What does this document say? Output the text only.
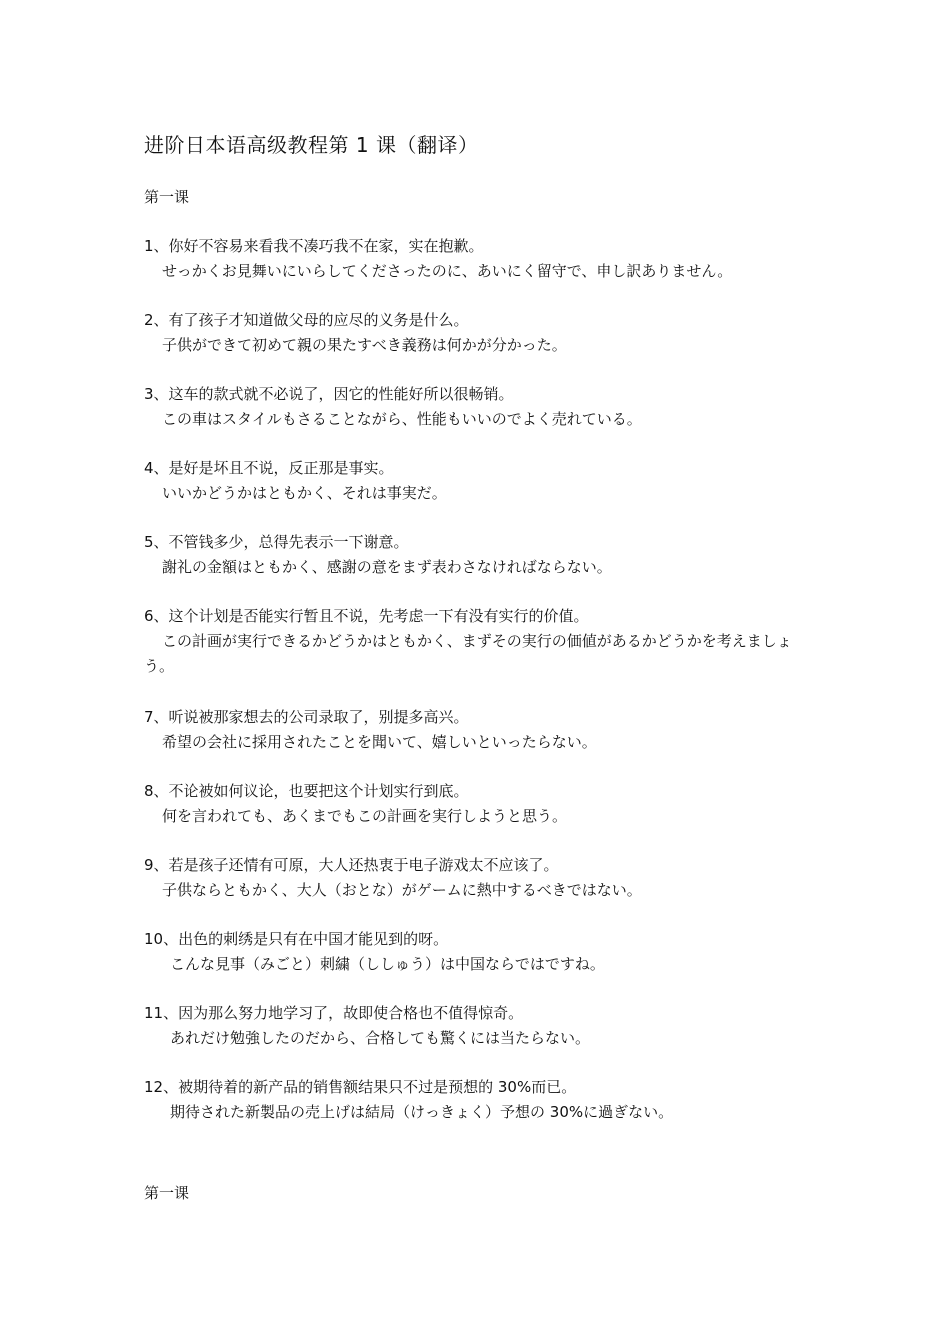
进阶日本语高级教程第 1 课（翻译）
第一课
1、你好不容易来看我不凑巧我不在家，实在抱歉。
せっかくお見舞いにいらしてくださったのに、あいにく留守で、申し訳ありません。
2、有了孩子才知道做父母的应尽的义务是什么。
子供ができて初めて親の果たすべき義務は何かが分かった。
3、这车的款式就不必说了，因它的性能好所以很畅销。
この車はスタイルもさることながら、性能もいいのでよく売れている。
4、是好是坏且不说，反正那是事实。
いいかどうかはともかく、それは事実だ。
5、不管钱多少，总得先表示一下谢意。
謝礼の金額はともかく、感謝の意をまず表わさなければならない。
6、这个计划是否能实行暂且不说，先考虑一下有没有实行的价值。
この計画が実行できるかどうかはともかく、まずその実行の価値があるかどうかを考えましょ
う。
7、听说被那家想去的公司录取了，别提多高兴。
希望の会社に採用されたことを聞いて、嬉しいといったらない。
8、不论被如何议论，也要把这个计划实行到底。
何を言われても、あくまでもこの計画を実行しようと思う。
9、若是孩子还情有可原，大人还热衷于电子游戏太不应该了。
子供ならともかく、大人（おとな）がゲームに熱中するべきではない。
10、出色的刺绣是只有在中国才能见到的呀。
こんな見事（みごと）刺繍（ししゅう）は中国ならではですね。
11、因为那么努力地学习了，故即使合格也不值得惊奇。
あれだけ勉強したのだから、合格しても驚くには当たらない。
12、被期待着的新产品的销售额结果只不过是预想的 30%而已。
期待された新製品の売上げは結局（けっきょく）予想の 30%に過ぎない。
第一课
